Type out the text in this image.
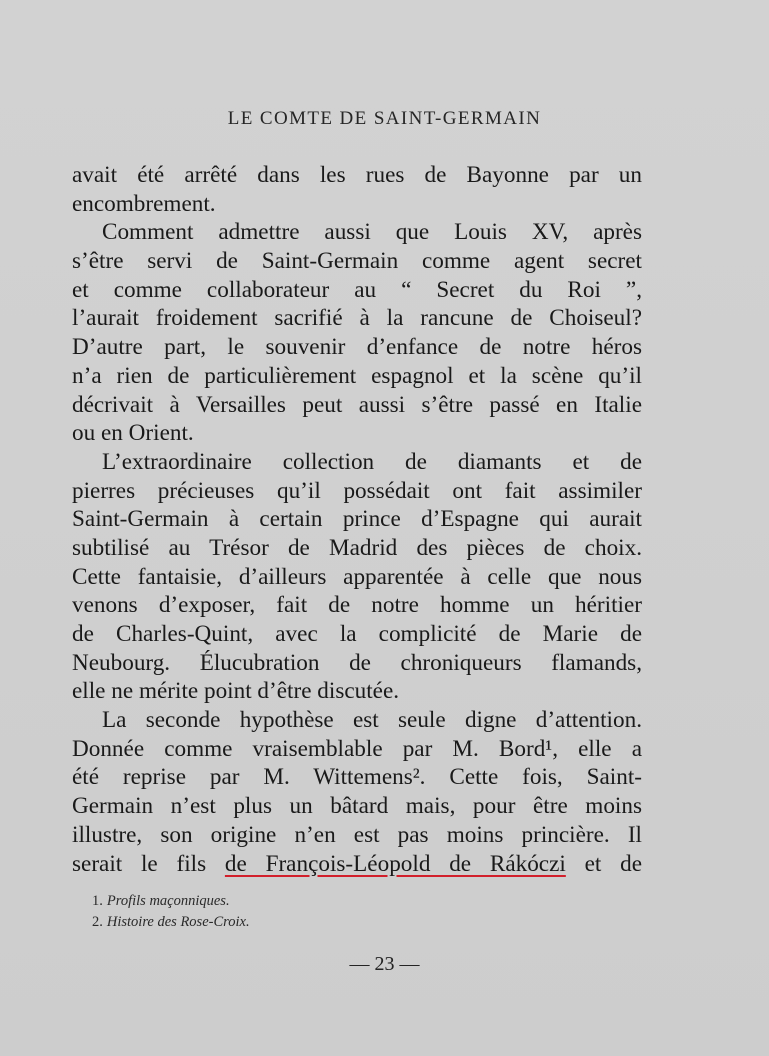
LE COMTE DE SAINT-GERMAIN
avait été arrêté dans les rues de Bayonne par un
encombrement.
Comment admettre aussi que Louis XV, après
s’être servi de Saint-Germain comme agent secret
et comme collaborateur au “ Secret du Roi ”,
l’aurait froidement sacrifié à la rancune de Choiseul?
D’autre part, le souvenir d’enfance de notre héros
n’a rien de particulièrement espagnol et la scène qu’il
décrivait à Versailles peut aussi s’être passé en Italie
ou en Orient.
L’extraordinaire collection de diamants et de
pierres précieuses qu’il possédait ont fait assimiler
Saint-Germain à certain prince d’Espagne qui aurait
subtilisé au Trésor de Madrid des pièces de choix.
Cette fantaisie, d’ailleurs apparentée à celle que nous
venons d’exposer, fait de notre homme un héritier
de Charles-Quint, avec la complicité de Marie de
Neubourg. Élucubration de chroniqueurs flamands,
elle ne mérite point d’être discutée.
La seconde hypothèse est seule digne d’attention.
Donnée comme vraisemblable par M. Bord¹, elle a
été reprise par M. Wittemens². Cette fois, Saint-
Germain n’est plus un bâtard mais, pour être moins
illustre, son origine n’en est pas moins princière. Il
serait le fils de François-Léopold de Rákóczi et de
1. Profils maçonniques.
2. Histoire des Rose-Croix.
— 23 —
